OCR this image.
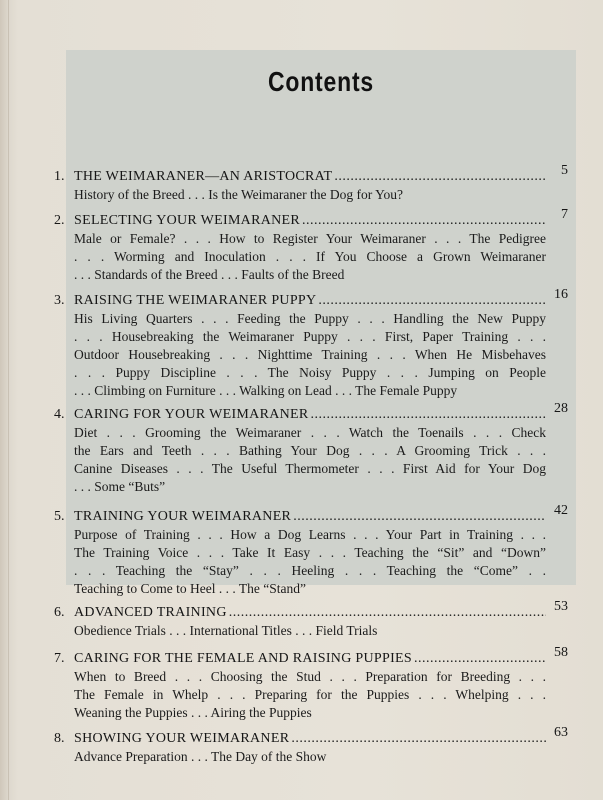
Contents
1. THE WEIMARANER—AN ARISTOCRAT .....	5
History of the Breed . . . Is the Weimaraner the Dog for You?
2. SELECTING YOUR WEIMARANER .....	7
Male or Female? . . . How to Register Your Weimaraner . . . The Pedigree
. . . Worming and Inoculation . . . If You Choose a Grown Weimaraner
. . . Standards of the Breed . . . Faults of the Breed
3. RAISING THE WEIMARANER PUPPY .....	16
His Living Quarters . . . Feeding the Puppy . . . Handling the New Puppy
. . . Housebreaking the Weimaraner Puppy . . . First, Paper Training . . .
Outdoor Housebreaking . . . Nighttime Training . . . When He Misbehaves
. . . Puppy Discipline . . . The Noisy Puppy . . . Jumping on People
. . . Climbing on Furniture . . . Walking on Lead . . . The Female Puppy
4. CARING FOR YOUR WEIMARANER .....	28
Diet . . . Grooming the Weimaraner . . . Watch the Toenails . . . Check
the Ears and Teeth . . . Bathing Your Dog . . . A Grooming Trick . . .
Canine Diseases . . . The Useful Thermometer . . . First Aid for Your Dog
. . . Some “Buts”
5. TRAINING YOUR WEIMARANER .....	42
Purpose of Training . . . How a Dog Learns . . . Your Part in Training . . .
The Training Voice . . . Take It Easy . . . Teaching the “Sit” and “Down”
. . . Teaching the “Stay” . . . Heeling . . . Teaching the “Come” . .
Teaching to Come to Heel . . . The “Stand”
6. ADVANCED TRAINING .....	53
Obedience Trials . . . International Titles . . . Field Trials
7. CARING FOR THE FEMALE AND RAISING PUPPIES .....	58
When to Breed . . . Choosing the Stud . . . Preparation for Breeding . . .
The Female in Whelp . . . Preparing for the Puppies . . . Whelping . . .
Weaning the Puppies . . . Airing the Puppies
8. SHOWING YOUR WEIMARANER .....	63
Advance Preparation . . . The Day of the Show
